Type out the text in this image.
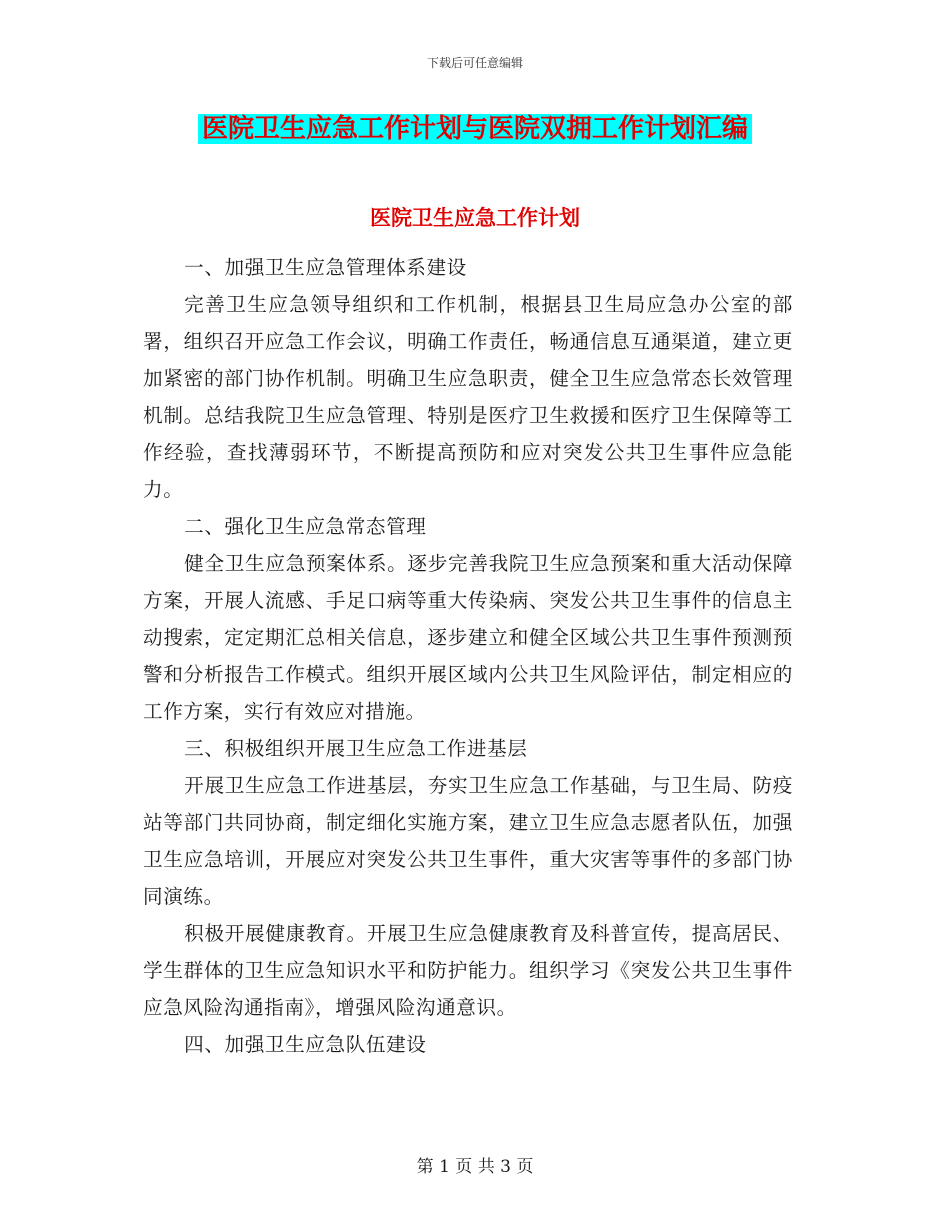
下载后可任意编辑
医院卫生应急工作计划与医院双拥工作计划汇编
医院卫生应急工作计划

一、加强卫生应急管理体系建设

完善卫生应急领导组织和工作机制，根据县卫生局应急办公室的部署，组织召开应急工作会议，明确工作责任，畅通信息互通渠道，建立更加紧密的部门协作机制。明确卫生应急职责，健全卫生应急常态长效管理机制。总结我院卫生应急管理、特别是医疗卫生救援和医疗卫生保障等工作经验，查找薄弱环节，不断提高预防和应对突发公共卫生事件应急能力。

二、强化卫生应急常态管理

健全卫生应急预案体系。逐步完善我院卫生应急预案和重大活动保障方案，开展人流感、手足口病等重大传染病、突发公共卫生事件的信息主动搜索，定定期汇总相关信息，逐步建立和健全区域公共卫生事件预测预警和分析报告工作模式。组织开展区域内公共卫生风险评估，制定相应的工作方案，实行有效应对措施。

三、积极组织开展卫生应急工作进基层

开展卫生应急工作进基层，夯实卫生应急工作基础，与卫生局、防疫站等部门共同协商，制定细化实施方案，建立卫生应急志愿者队伍，加强卫生应急培训，开展应对突发公共卫生事件，重大灾害等事件的多部门协同演练。

积极开展健康教育。开展卫生应急健康教育及科普宣传，提高居民、学生群体的卫生应急知识水平和防护能力。组织学习《突发公共卫生事件应急风险沟通指南》，增强风险沟通意识。

四、加强卫生应急队伍建设

第 1 页 共 3 页
